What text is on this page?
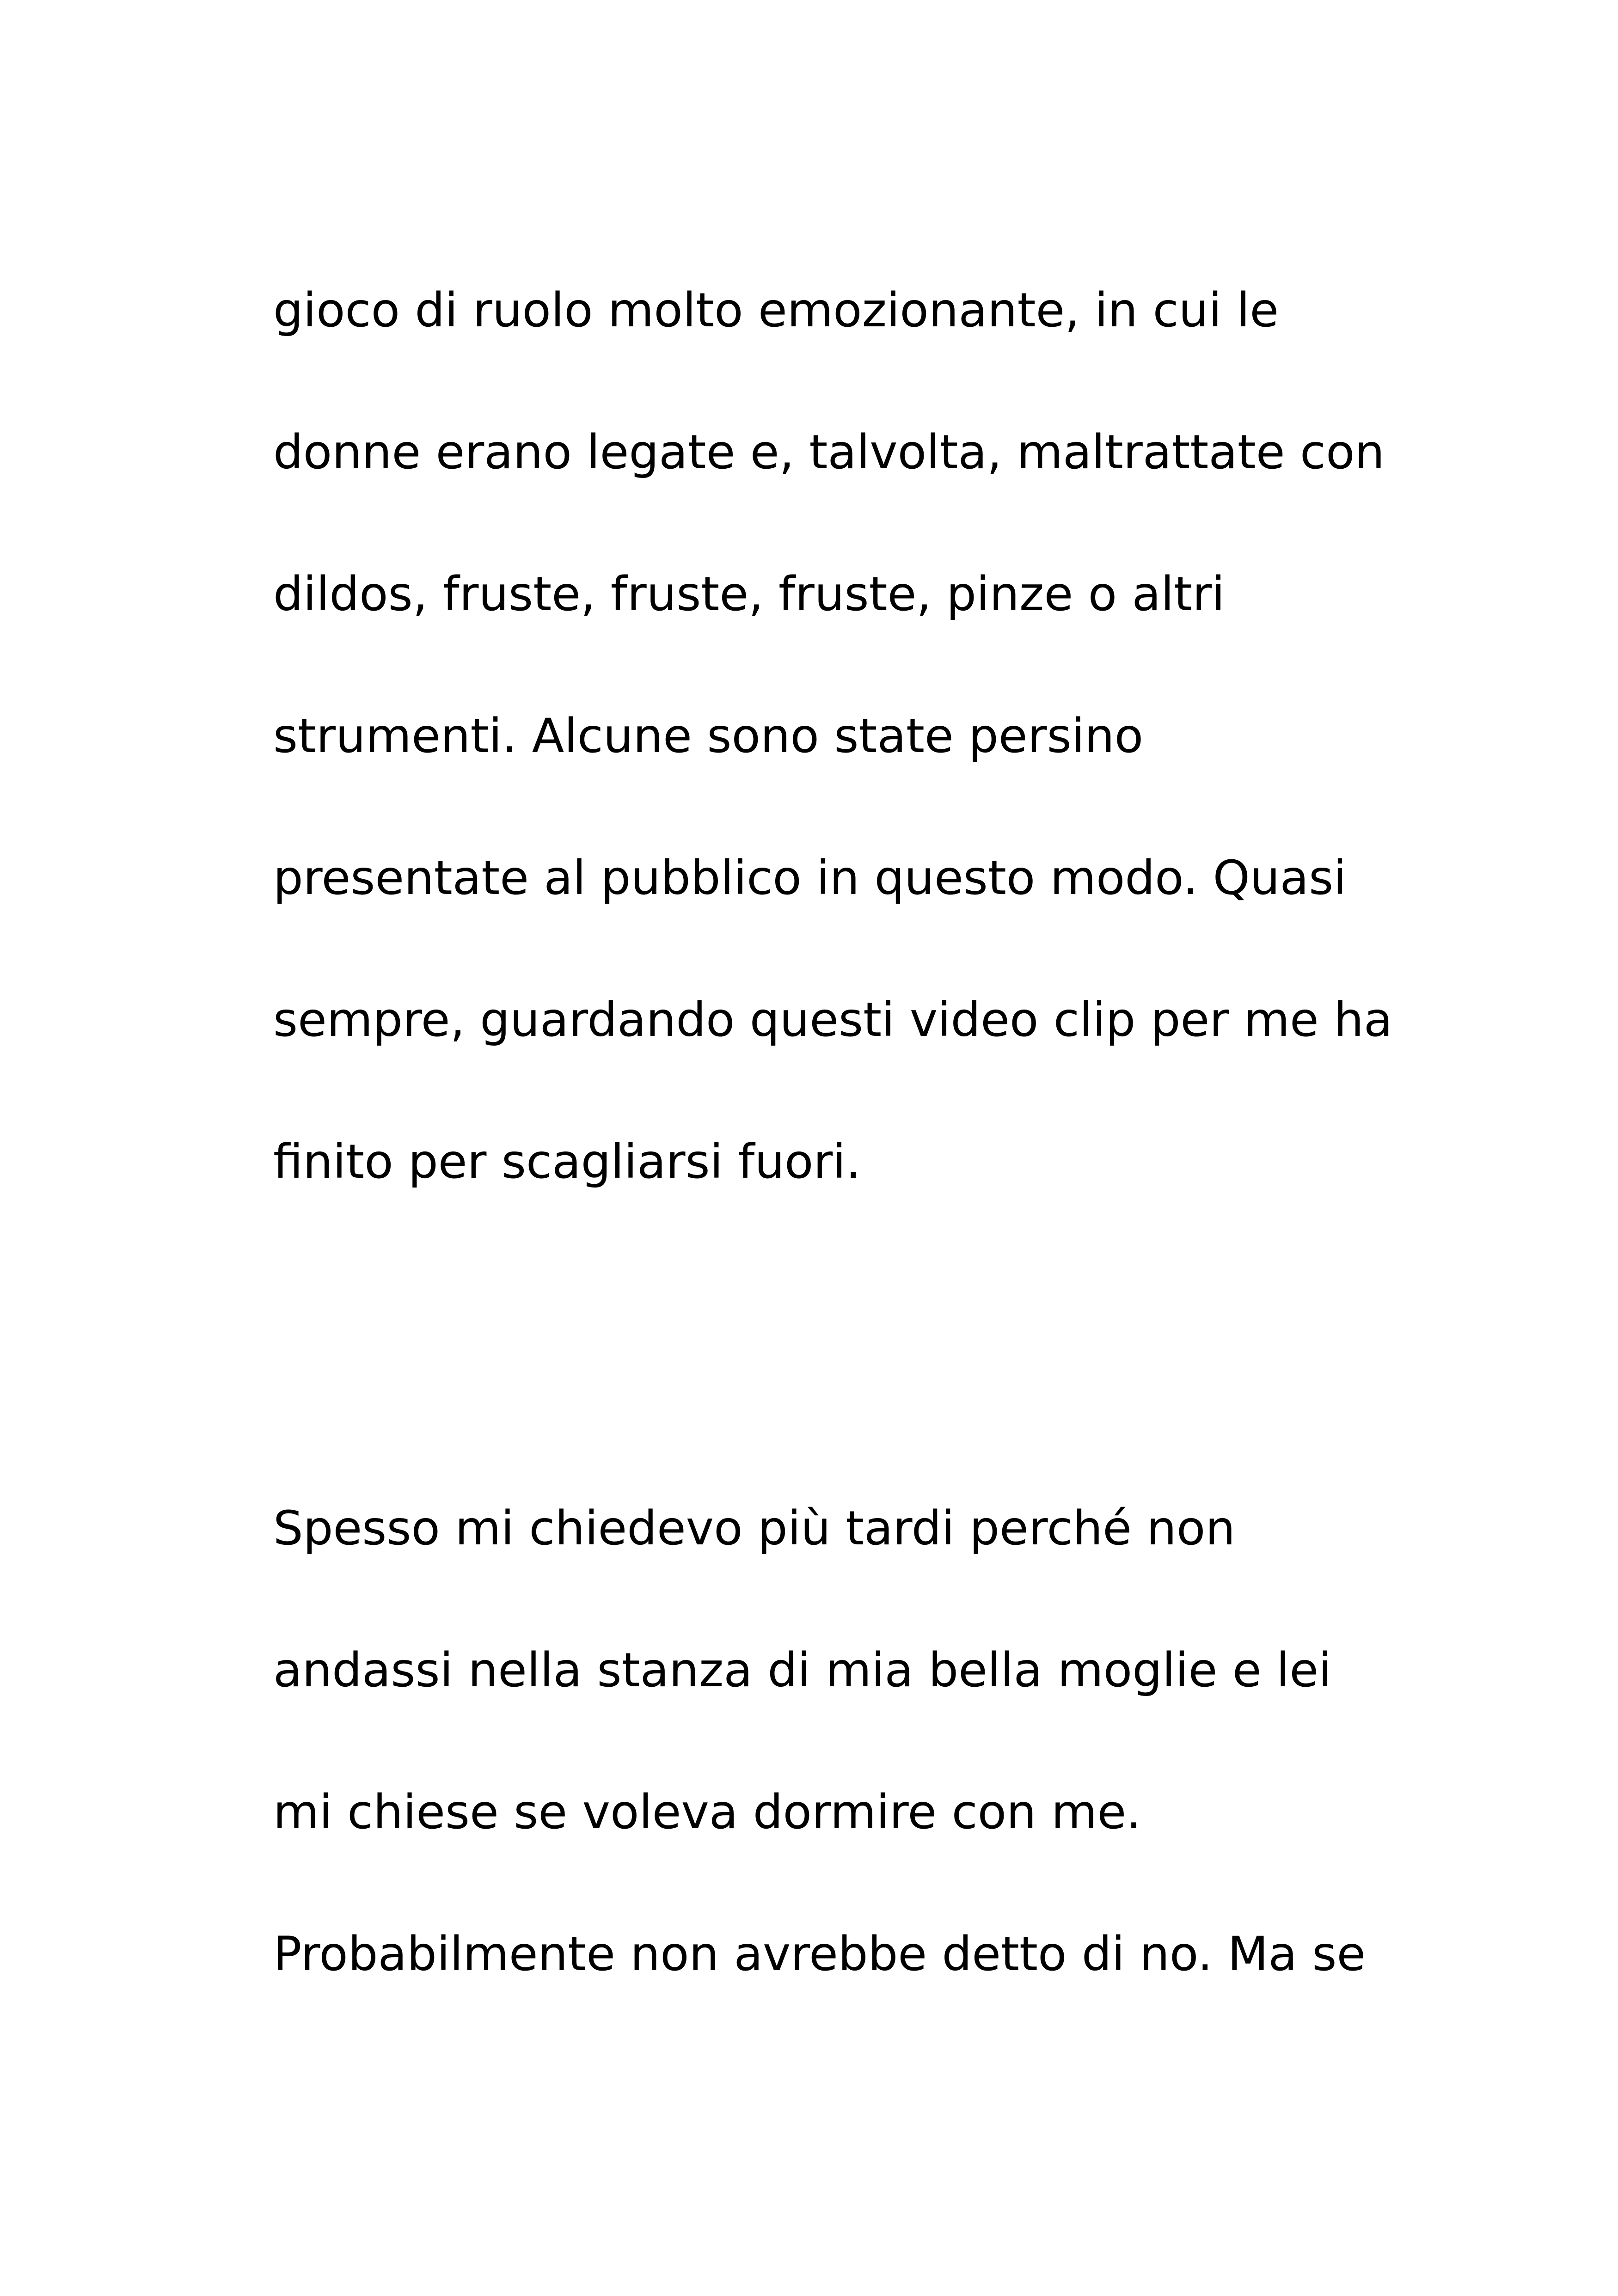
gioco di ruolo molto emozionante, in cui le
donne erano legate e, talvolta, maltrattate con
dildos, fruste, fruste, fruste, pinze o altri
strumenti. Alcune sono state persino
presentate al pubblico in questo modo. Quasi
sempre, guardando questi video clip per me ha
finito per scagliarsi fuori.
Spesso mi chiedevo più tardi perché non
andassi nella stanza di mia bella moglie e lei
mi chiese se voleva dormire con me.
Probabilmente non avrebbe detto di no. Ma se
